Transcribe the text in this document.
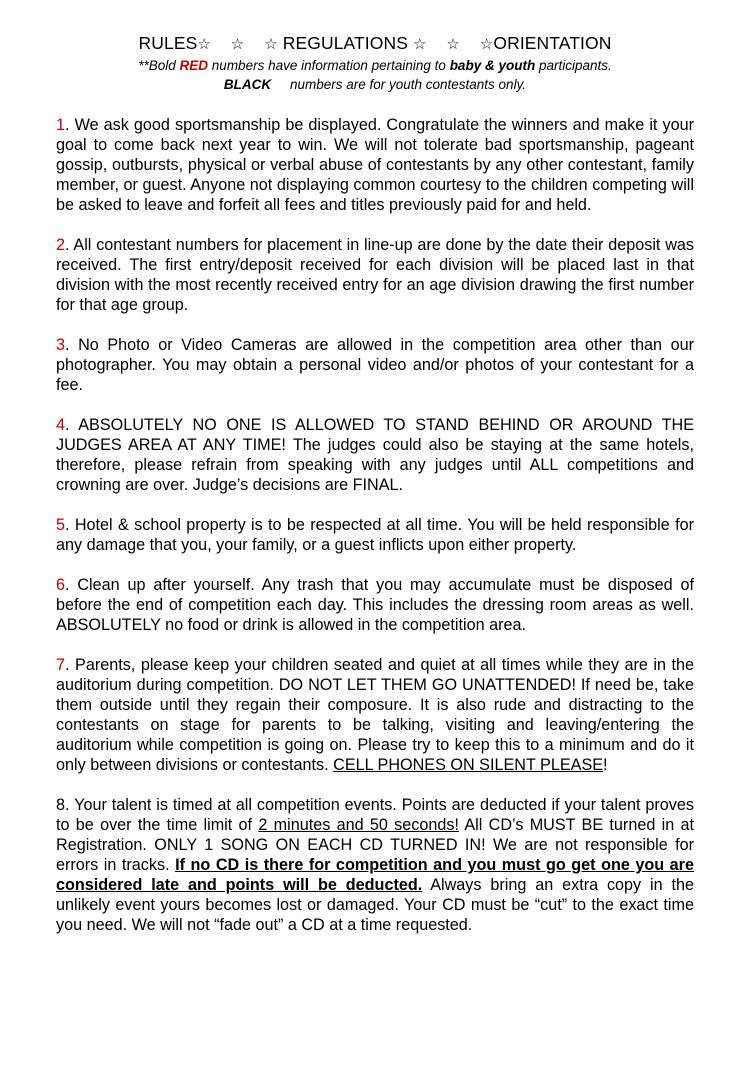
RULES☆ ☆ ☆ REGULATIONS ☆ ☆ ☆ORIENTATION
**Bold RED numbers have information pertaining to baby & youth participants.
BLACK numbers are for youth contestants only.

1. We ask good sportsmanship be displayed. Congratulate the winners and make it your goal to come back next year to win. We will not tolerate bad sportsmanship, pageant gossip, outbursts, physical or verbal abuse of contestants by any other contestant, family member, or guest. Anyone not displaying common courtesy to the children competing will be asked to leave and forfeit all fees and titles previously paid for and held.

2. All contestant numbers for placement in line-up are done by the date their deposit was received. The first entry/deposit received for each division will be placed last in that division with the most recently received entry for an age division drawing the first number for that age group.

3. No Photo or Video Cameras are allowed in the competition area other than our photographer. You may obtain a personal video and/or photos of your contestant for a fee.

4. ABSOLUTELY NO ONE IS ALLOWED TO STAND BEHIND OR AROUND THE JUDGES AREA AT ANY TIME! The judges could also be staying at the same hotels, therefore, please refrain from speaking with any judges until ALL competitions and crowning are over. Judge’s decisions are FINAL.

5. Hotel & school property is to be respected at all time. You will be held responsible for any damage that you, your family, or a guest inflicts upon either property.

6. Clean up after yourself. Any trash that you may accumulate must be disposed of before the end of competition each day. This includes the dressing room areas as well. ABSOLUTELY no food or drink is allowed in the competition area.

7. Parents, please keep your children seated and quiet at all times while they are in the auditorium during competition. DO NOT LET THEM GO UNATTENDED! If need be, take them outside until they regain their composure. It is also rude and distracting to the contestants on stage for parents to be talking, visiting and leaving/entering the auditorium while competition is going on. Please try to keep this to a minimum and do it only between divisions or contestants. CELL PHONES ON SILENT PLEASE!

8. Your talent is timed at all competition events. Points are deducted if your talent proves to be over the time limit of 2 minutes and 50 seconds! All CD’s MUST BE turned in at Registration. ONLY 1 SONG ON EACH CD TURNED IN! We are not responsible for errors in tracks. If no CD is there for competition and you must go get one you are considered late and points will be deducted. Always bring an extra copy in the unlikely event yours becomes lost or damaged. Your CD must be “cut” to the exact time you need. We will not “fade out” a CD at a time requested.
